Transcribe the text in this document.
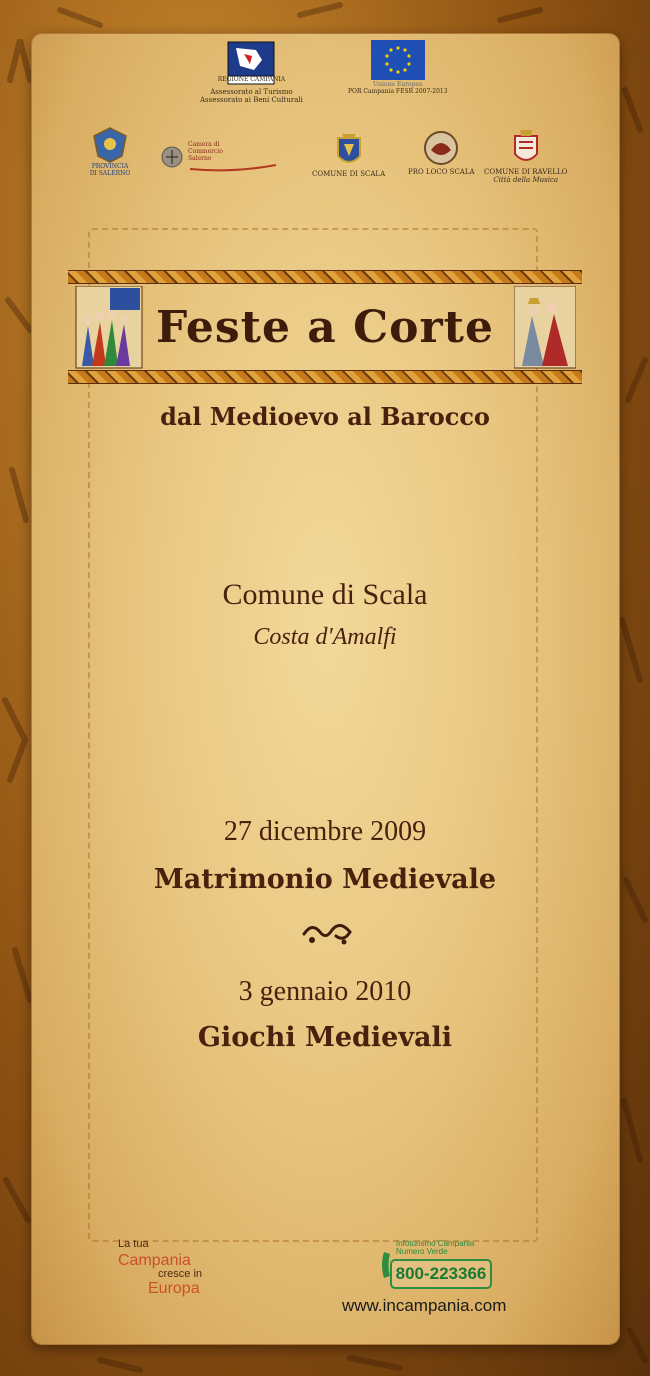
REGIONE CAMPANIA
Assessorato al Turismo
Assessorato ai Beni Culturali
Unione Europea
POR Campania FESR 2007-2013
PROVINCIA DI SALERNO
Camera di Commercio Salerno
COMUNE DI SCALA	PRO LOCO SCALA COMUNE DI RAVELLO
Città della Musica
Feste a Corte
dal Medioevo al Barocco
Comune di Scala
Costa d'Amalfi
27 dicembre 2009
Matrimonio Medievale
3 gennaio 2010
Giochi Medievali
La tua
Campania
cresce in
Europa
Infoturismo Campania
Numero Verde
800-223366
www.incampania.com
